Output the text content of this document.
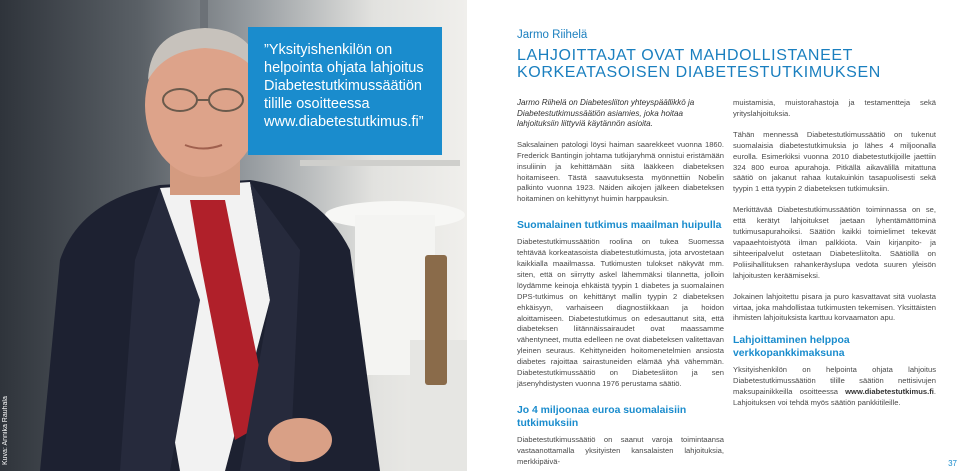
Kuva: Annika Rauhala

”Yksityishenkilön on helpointa ohjata lahjoitus Diabetestutkimussäätiön tilille osoitteessa www.diabetestutkimus.fi”

Jarmo Riihelä
LAHJOITTAJAT OVAT MAHDOLLISTANEET KORKEATASOISEN DIABETESTUTKIMUKSEN

Jarmo Riihelä on Diabetesliiton yhteyspäällikkö ja Diabetestutkimussäätiön asiamies, joka hoitaa lahjoituksiin liittyviä käytännön asioita.

Saksalainen patologi löysi haiman saarekkeet vuonna 1860. Frederick Bantingin johtama tutkijaryhmä onnistui eristämään insuliinin ja kehittämään siitä lääkkeen diabeteksen hoitamiseen. Tästä saavutuksesta myönnettiin Nobelin palkinto vuonna 1923. Näiden aikojen jälkeen diabeteksen hoitaminen on kehittynyt huimin harppauksin.

Suomalainen tutkimus maailman huipulla

Diabetestutkimussäätiön roolina on tukea Suomessa tehtävää korkeatasoista diabetestutkimusta, jota arvostetaan kaikkialla maailmassa. Tutkimusten tulokset näkyvät mm. siten, että on siirrytty askel lähemmäksi tilannetta, jolloin löydämme keinoja ehkäistä tyypin 1 diabetes ja suomalainen DPS-tutkimus on kehittänyt mallin tyypin 2 diabeteksen ehkäisyyn, varhaiseen diagnostiikkaan ja hoidon aloittamiseen. Diabetestutkimus on edesauttanut sitä, että diabeteksen liitännäissairaudet ovat maassamme vähentyneet, mutta edelleen ne ovat diabeteksen valitettavan yleinen seuraus. Kehittyneiden hoitomenetelmien ansiosta diabetes rajoittaa sairastuneiden elämää yhä vähemmän. Diabetestutkimussäätiö on Diabetesliiton ja sen jäsenyhdistysten vuonna 1976 perustama säätiö.

Jo 4 miljoonaa euroa suomalaisiin tutkimuksiin

Diabetestutkimussäätiö on saanut varoja toimintaansa vastaanottamalla yksityisten kansalaisten lahjoituksia, merkkipäivä-

muistamisia, muistorahastoja ja testamentteja sekä yrityslahjoituksia.

Tähän mennessä Diabetestutkimussäätiö on tukenut suomalaisia diabetestutkimuksia jo lähes 4 miljoonalla eurolla. Esimerkiksi vuonna 2010 diabetestutkijoille jaettiin 324 800 euroa apurahoja. Pitkällä aikavälillä mitattuna säätiö on jakanut rahaa kutakuinkin tasapuolisesti sekä tyypin 1 että tyypin 2 diabeteksen tutkimuksiin.

Merkittävää Diabetestutkimussäätiön toiminnassa on se, että kerätyt lahjoitukset jaetaan lyhentämättöminä tutkimusapurahoiksi. Säätiön kaikki toimielimet tekevät vapaaehtoistyötä ilman palkkiota. Vain kirjanpito- ja sihteeripalvelut ostetaan Diabetesliitolta. Säätiöllä on Poliisihallituksen rahankeräyslupa vedota suuren yleisön lahjoitusten keräämiseksi.

Jokainen lahjoitettu pisara ja puro kasvattavat sitä vuolasta virtaa, joka mahdollistaa tutkimusten tekemisen. Yksittäisten ihmisten lahjoituksista karttuu korvaamaton apu.

Lahjoittaminen helppoa verkkopankkimaksuna

Yksityishenkilön on helpointa ohjata lahjoitus Diabetestutkimussäätiön tilille säätiön nettisivujen maksupainikkeilla osoitteessa www.diabetestutkimus.fi. Lahjoituksen voi tehdä myös säätiön pankkitileille.

37
